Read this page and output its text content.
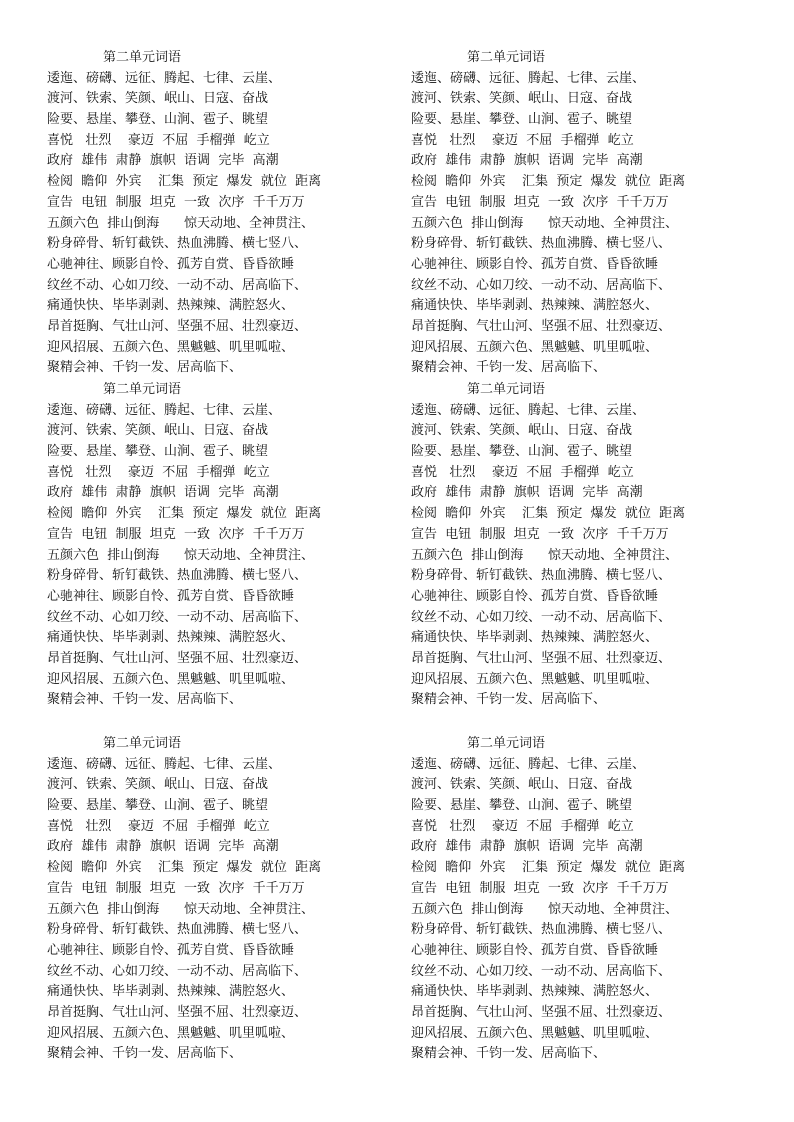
第二单元词语
逶迤、磅礴、远征、腾起、七律、云崖、
渡河、铁索、笑颜、岷山、日寇、奋战
险要、悬崖、攀登、山涧、雹子、眺望
喜悦   壮烈    豪迈  不屈  手榴弹  屹立
政府  雄伟  肃静  旗帜  语调  完毕  高潮
检阅  瞻仰  外宾    汇集  预定  爆发  就位  距离
宣告  电钮  制服  坦克  一致  次序  千千万万
五颜六色  排山倒海      惊天动地、全神贯注、
粉身碎骨、斩钉截铁、热血沸腾、横七竖八、
心驰神往、顾影自怜、孤芳自赏、昏昏欲睡
纹丝不动、心如刀绞、一动不动、居高临下、
痛通快快、毕毕剥剥、热辣辣、满腔怒火、
昂首挺胸、气壮山河、坚强不屈、壮烈豪迈、
迎风招展、五颜六色、黑魆魆、叽里呱啦、
聚精会神、千钧一发、居高临下、
第二单元词语
逶迤、磅礴、远征、腾起、七律、云崖、
渡河、铁索、笑颜、岷山、日寇、奋战
险要、悬崖、攀登、山涧、雹子、眺望
喜悦   壮烈    豪迈  不屈  手榴弹  屹立
政府  雄伟  肃静  旗帜  语调  完毕  高潮
检阅  瞻仰  外宾    汇集  预定  爆发  就位  距离
宣告  电钮  制服  坦克  一致  次序  千千万万
五颜六色  排山倒海      惊天动地、全神贯注、
粉身碎骨、斩钉截铁、热血沸腾、横七竖八、
心驰神往、顾影自怜、孤芳自赏、昏昏欲睡
纹丝不动、心如刀绞、一动不动、居高临下、
痛通快快、毕毕剥剥、热辣辣、满腔怒火、
昂首挺胸、气壮山河、坚强不屈、壮烈豪迈、
迎风招展、五颜六色、黑魆魆、叽里呱啦、
聚精会神、千钧一发、居高临下、
第二单元词语
逶迤、磅礴、远征、腾起、七律、云崖、
渡河、铁索、笑颜、岷山、日寇、奋战
险要、悬崖、攀登、山涧、雹子、眺望
喜悦   壮烈    豪迈  不屈  手榴弹  屹立
政府  雄伟  肃静  旗帜  语调  完毕  高潮
检阅  瞻仰  外宾    汇集  预定  爆发  就位  距离
宣告  电钮  制服  坦克  一致  次序  千千万万
五颜六色  排山倒海      惊天动地、全神贯注、
粉身碎骨、斩钉截铁、热血沸腾、横七竖八、
心驰神往、顾影自怜、孤芳自赏、昏昏欲睡
纹丝不动、心如刀绞、一动不动、居高临下、
痛通快快、毕毕剥剥、热辣辣、满腔怒火、
昂首挺胸、气壮山河、坚强不屈、壮烈豪迈、
迎风招展、五颜六色、黑魆魆、叽里呱啦、
聚精会神、千钧一发、居高临下、
第二单元词语
逶迤、磅礴、远征、腾起、七律、云崖、
渡河、铁索、笑颜、岷山、日寇、奋战
险要、悬崖、攀登、山涧、雹子、眺望
喜悦   壮烈    豪迈  不屈  手榴弹  屹立
政府  雄伟  肃静  旗帜  语调  完毕  高潮
检阅  瞻仰  外宾    汇集  预定  爆发  就位  距离
宣告  电钮  制服  坦克  一致  次序  千千万万
五颜六色  排山倒海      惊天动地、全神贯注、
粉身碎骨、斩钉截铁、热血沸腾、横七竖八、
心驰神往、顾影自怜、孤芳自赏、昏昏欲睡
纹丝不动、心如刀绞、一动不动、居高临下、
痛通快快、毕毕剥剥、热辣辣、满腔怒火、
昂首挺胸、气壮山河、坚强不屈、壮烈豪迈、
迎风招展、五颜六色、黑魆魆、叽里呱啦、
聚精会神、千钧一发、居高临下、
第二单元词语
逶迤、磅礴、远征、腾起、七律、云崖、
渡河、铁索、笑颜、岷山、日寇、奋战
险要、悬崖、攀登、山涧、雹子、眺望
喜悦   壮烈    豪迈  不屈  手榴弹  屹立
政府  雄伟  肃静  旗帜  语调  完毕  高潮
检阅  瞻仰  外宾    汇集  预定  爆发  就位  距离
宣告  电钮  制服  坦克  一致  次序  千千万万
五颜六色  排山倒海      惊天动地、全神贯注、
粉身碎骨、斩钉截铁、热血沸腾、横七竖八、
心驰神往、顾影自怜、孤芳自赏、昏昏欲睡
纹丝不动、心如刀绞、一动不动、居高临下、
痛通快快、毕毕剥剥、热辣辣、满腔怒火、
昂首挺胸、气壮山河、坚强不屈、壮烈豪迈、
迎风招展、五颜六色、黑魆魆、叽里呱啦、
聚精会神、千钧一发、居高临下、
第二单元词语
逶迤、磅礴、远征、腾起、七律、云崖、
渡河、铁索、笑颜、岷山、日寇、奋战
险要、悬崖、攀登、山涧、雹子、眺望
喜悦   壮烈    豪迈  不屈  手榴弹  屹立
政府  雄伟  肃静  旗帜  语调  完毕  高潮
检阅  瞻仰  外宾    汇集  预定  爆发  就位  距离
宣告  电钮  制服  坦克  一致  次序  千千万万
五颜六色  排山倒海      惊天动地、全神贯注、
粉身碎骨、斩钉截铁、热血沸腾、横七竖八、
心驰神往、顾影自怜、孤芳自赏、昏昏欲睡
纹丝不动、心如刀绞、一动不动、居高临下、
痛通快快、毕毕剥剥、热辣辣、满腔怒火、
昂首挺胸、气壮山河、坚强不屈、壮烈豪迈、
迎风招展、五颜六色、黑魆魆、叽里呱啦、
聚精会神、千钧一发、居高临下、
